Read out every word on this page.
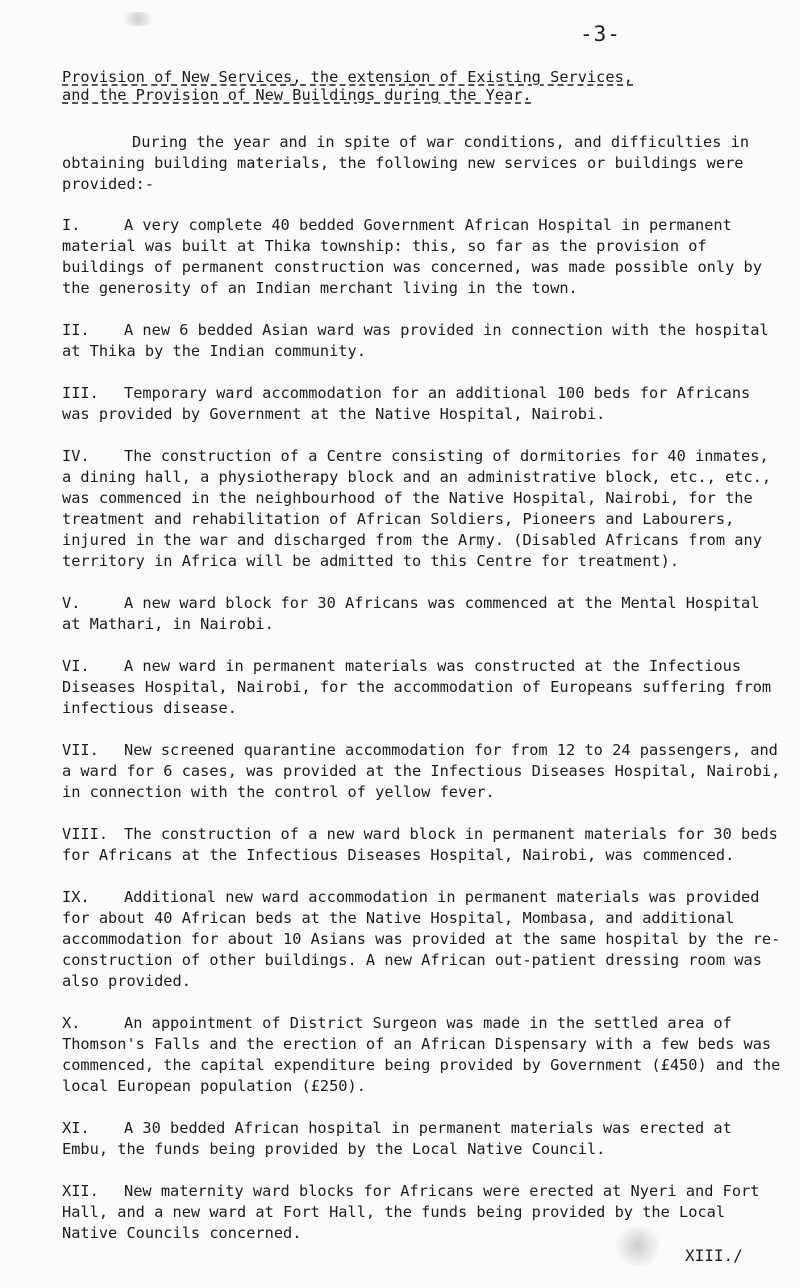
-3-
Provision of New Services, the extension of Existing Services,
and the Provision of New Buildings during the Year.
During the year and in spite of war conditions, and difficulties in obtaining building materials, the following new services or buildings were provided:-
I.	A very complete 40 bedded Government African Hospital in permanent material was built at Thika township: this, so far as the provision of buildings of permanent construction was concerned, was made possible only by the generosity of an Indian merchant living in the town.
II. A new 6 bedded Asian ward was provided in connection with the hospital at Thika by the Indian community.
III. Temporary ward accommodation for an additional 100 beds for Africans was provided by Government at the Native Hospital, Nairobi.
IV. The construction of a Centre consisting of dormitories for 40 inmates, a dining hall, a physiotherapy block and an administrative block, etc., etc., was commenced in the neighbourhood of the Native Hospital, Nairobi, for the treatment and rehabilitation of African Soldiers, Pioneers and Labourers, injured in the war and discharged from the Army. (Disabled Africans from any territory in Africa will be admitted to this Centre for treatment).
V.	A new ward block for 30 Africans was commenced at the Mental Hospital at Mathari, in Nairobi.
VI. A new ward in permanent materials was constructed at the Infectious Diseases Hospital, Nairobi, for the accommodation of Europeans suffering from infectious disease.
VII. New screened quarantine accommodation for from 12 to 24 passengers, and a ward for 6 cases, was provided at the Infectious Diseases Hospital, Nairobi, in connection with the control of yellow fever.
VIII. The construction of a new ward block in permanent materials for 30 beds for Africans at the Infectious Diseases Hospital, Nairobi, was commenced.
IX. Additional new ward accommodation in permanent materials was provided for about 40 African beds at the Native Hospital, Mombasa, and additional accommodation for about 10 Asians was provided at the same hospital by the re-construction of other buildings. A new African out-patient dressing room was also provided.
X.	An appointment of District Surgeon was made in the settled area of Thomson's Falls and the erection of an African Dispensary with a few beds was commenced, the capital expenditure being provided by Government (£450) and the local European population (£250).
XI. A 30 bedded African hospital in permanent materials was erected at Embu, the funds being provided by the Local Native Council.
XII. New maternity ward blocks for Africans were erected at Nyeri and Fort Hall, and a new ward at Fort Hall, the funds being provided by the Local Native Councils concerned.
XIII./
